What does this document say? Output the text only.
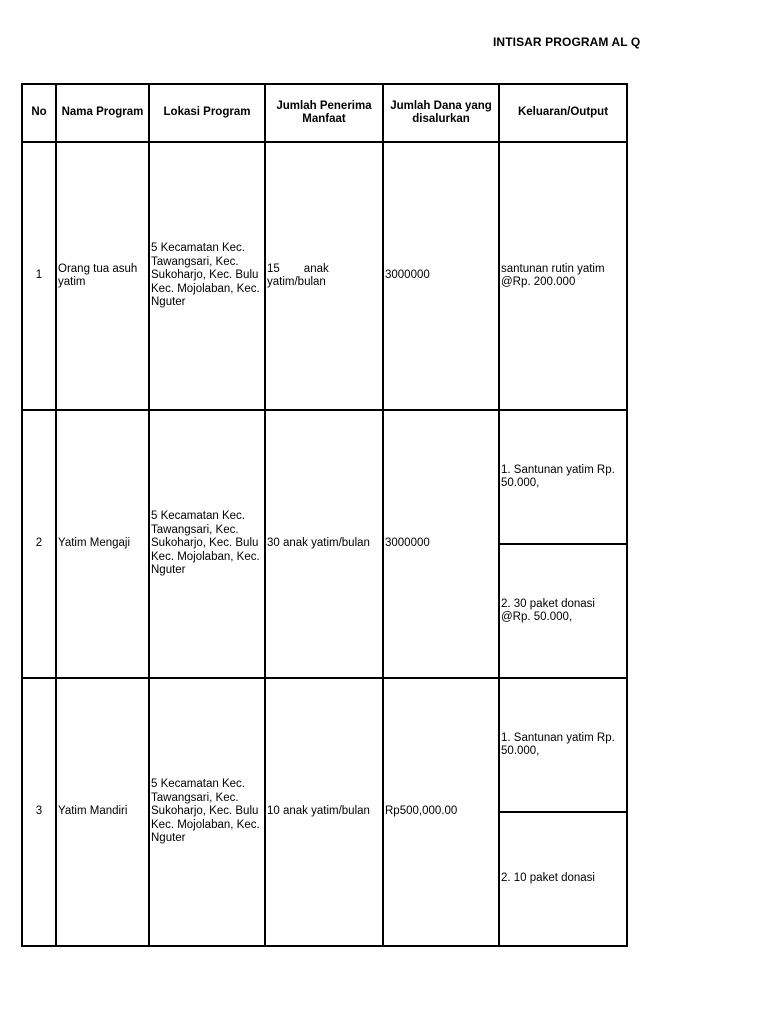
INTISAR PROGRAM AL Q
No	Nama Program	Lokasi Program	Jumlah Penerima Manfaat	Jumlah Dana yang disalurkan	Keluaran/Output
1	Orang tua asuh yatim	5 Kecamatan Kec. Tawangsari, Kec. Sukoharjo, Kec. Bulu Kec. Mojolaban, Kec. Nguter	15 anak yatim/bulan	3000000	santunan rutin yatim @Rp. 200.000
2	Yatim Mengaji	5 Kecamatan Kec. Tawangsari, Kec. Sukoharjo, Kec. Bulu Kec. Mojolaban, Kec. Nguter	30 anak yatim/bulan	3000000	1. Santunan yatim Rp. 50.000,
					2. 30 paket donasi @Rp. 50.000,
3	Yatim Mandiri	5 Kecamatan Kec. Tawangsari, Kec. Sukoharjo, Kec. Bulu Kec. Mojolaban, Kec. Nguter	10 anak yatim/bulan	Rp500,000.00	1. Santunan yatim Rp. 50.000,
					2. 10 paket donasi
